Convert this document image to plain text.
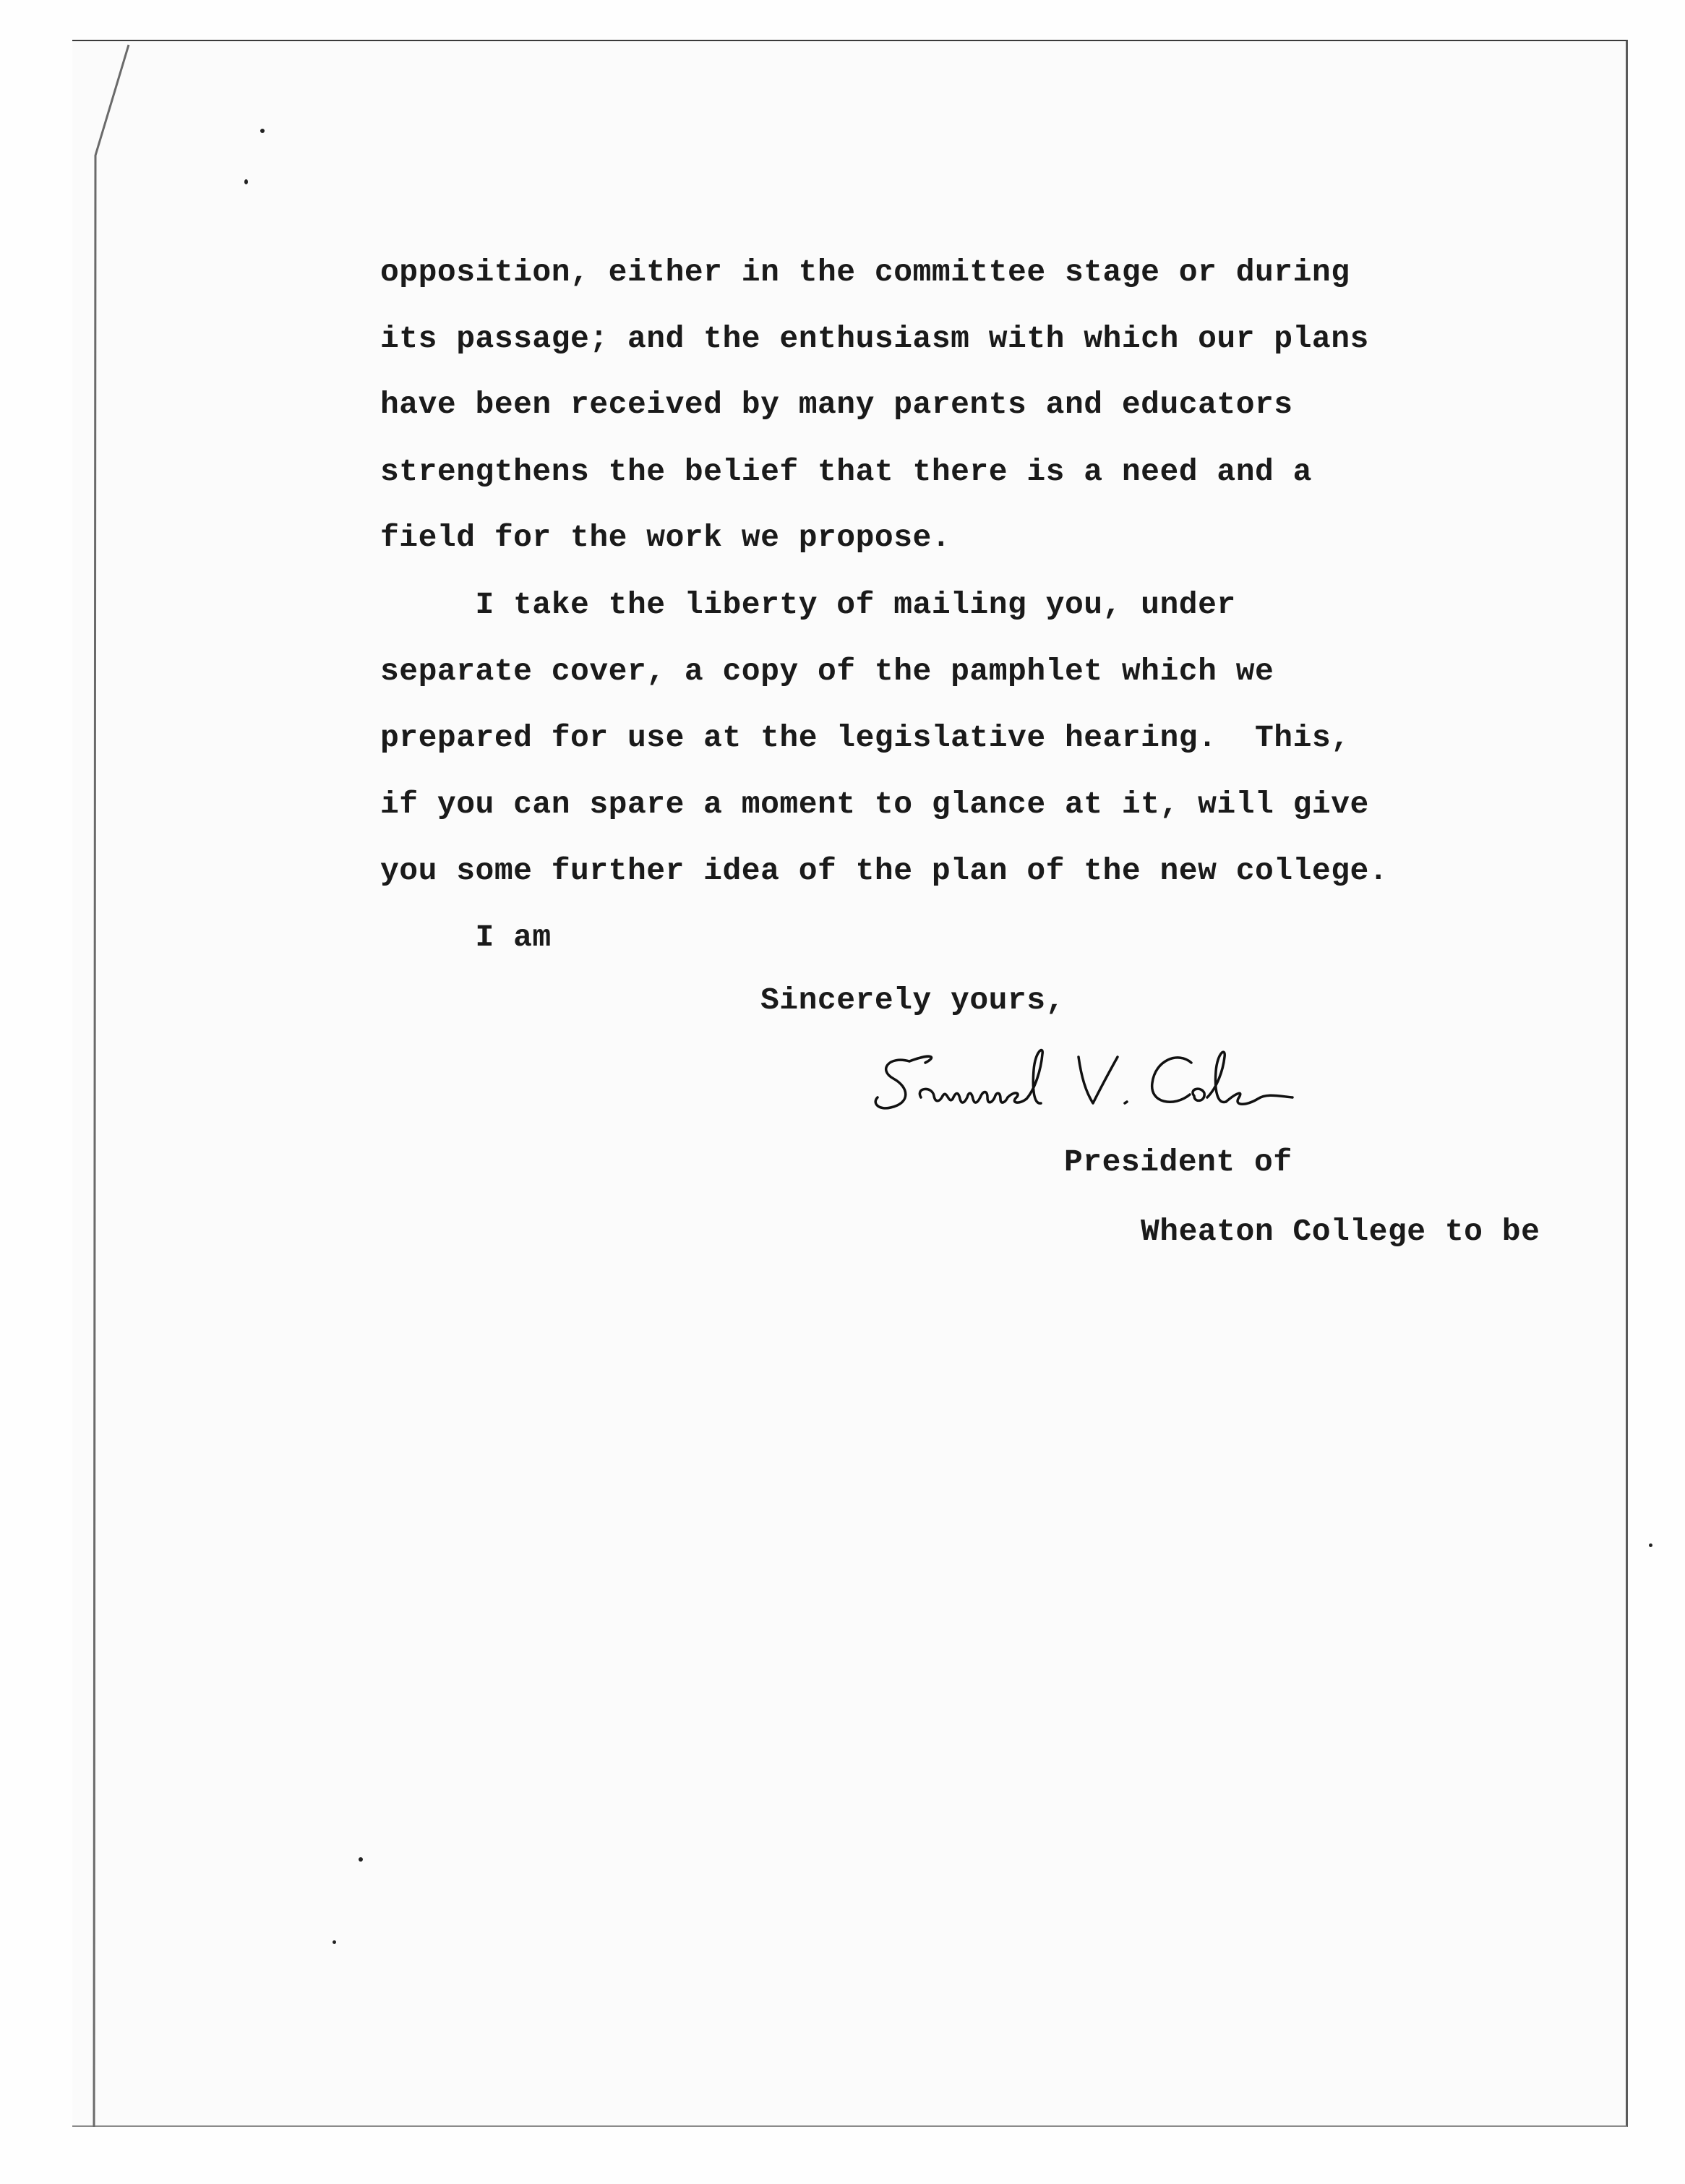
opposition, either in the committee stage or during
its passage; and the enthusiasm with which our plans
have been received by many parents and educators
strengthens the belief that there is a need and a
field for the work we propose.
I take the liberty of mailing you, under
separate cover, a copy of the pamphlet which we
prepared for use at the legislative hearing.  This,
if you can spare a moment to glance at it, will give
you some further idea of the plan of the new college.
I am
Sincerely yours,
President of
Wheaton College to be
